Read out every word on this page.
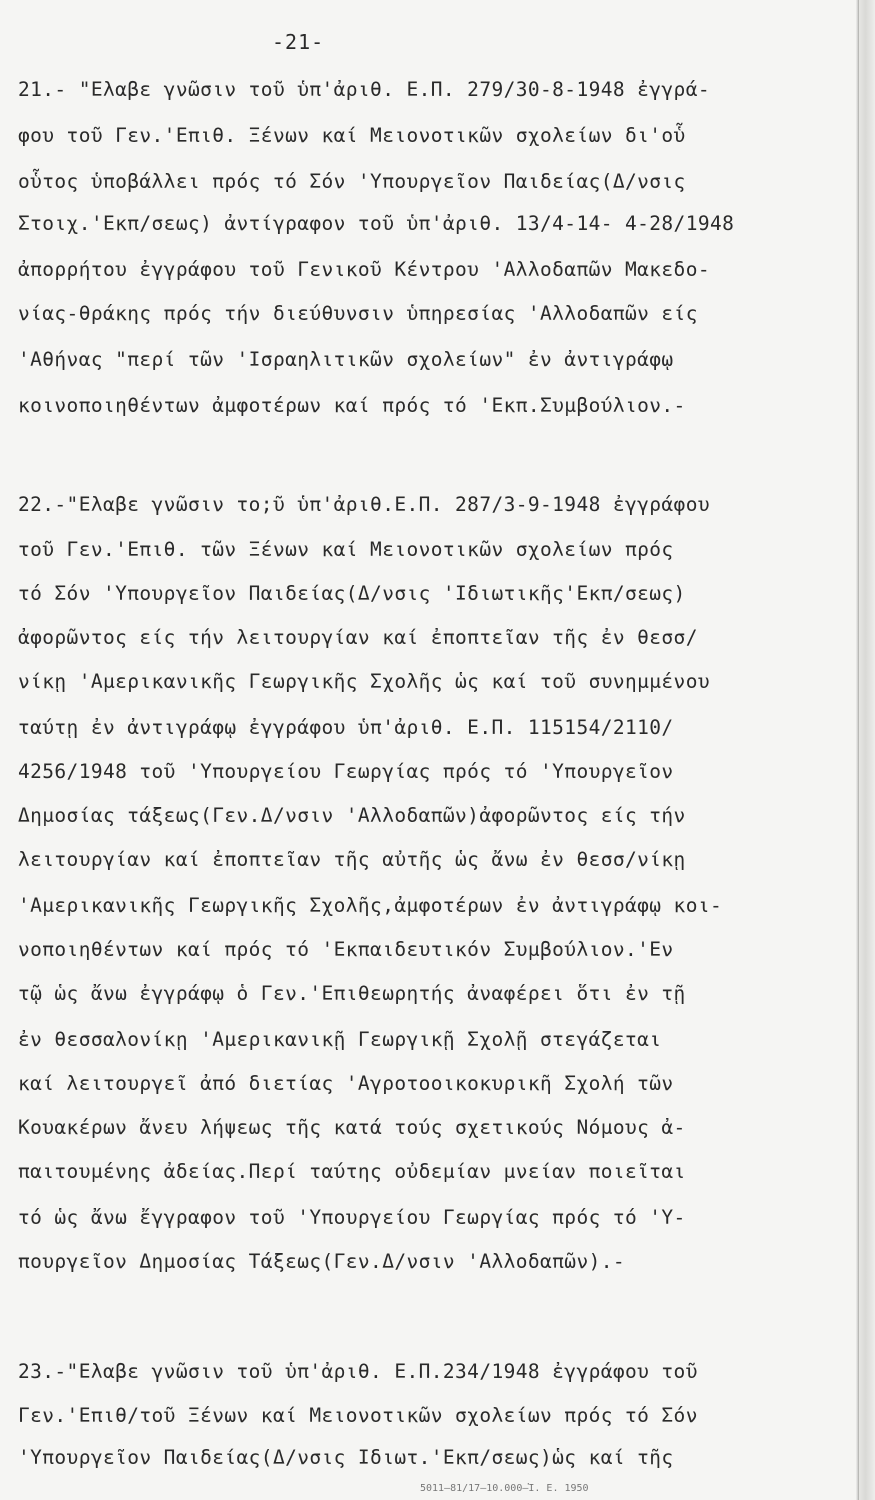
-21-
21.- "Ελαβε γνῶσιν τοῦ ὑπ'ἀριθ. Ε.Π. 279/30-8-1948 ἐγγρά-
φου τοῦ Γεν.'Επιθ. Ξένων καί Μειονοτικῶν σχολείων δι'οὗ
οὗτος ὑποβάλλει πρός τό Σόν 'Υπουργεῖον Παιδείας(Δ/νσις
Στοιχ.'Εκπ/σεως) ἀντίγραφον τοῦ ὑπ'ἀριθ. 13/4-14- 4-28/1948
ἀπορρήτου ἐγγράφου τοῦ Γενικοῦ Κέντρου 'Αλλοδαπῶν Μακεδο-
νίας-θράκης πρός τήν διεύθυνσιν ὑπηρεσίας 'Αλλοδαπῶν είς
'Αθήνας "περί τῶν 'Ισραηλιτικῶν σχολείων" ἐν ἀντιγράφῳ
κοινοποιηθέντων ἀμφοτέρων καί πρός τό 'Εκπ.Συμβούλιον.-
22.-"Ελαβε γνῶσιν το;ῦ ὑπ'ἀριθ.Ε.Π. 287/3-9-1948 ἐγγράφου
τοῦ Γεν.'Επιθ. τῶν Ξένων καί Μειονοτικῶν σχολείων πρός
τό Σόν 'Υπουργεῖον Παιδείας(Δ/νσις 'Ιδιωτικῆς'Εκπ/σεως)
ἀφορῶντος είς τήν λειτουργίαν καί ἐποπτεῖαν τῆς ἐν θεσσ/
νίκῃ 'Αμερικανικῆς Γεωργικῆς Σχολῆς ὡς καί τοῦ συνημμένου
ταύτῃ ἐν ἀντιγράφῳ ἐγγράφου ὑπ'ἀριθ. Ε.Π. 115154/2110/
4256/1948 τοῦ 'Υπουργείου Γεωργίας πρός τό 'Υπουργεῖον
Δημοσίας τάξεως(Γεν.Δ/νσιν 'Αλλοδαπῶν)ἀφορῶντος είς τήν
λειτουργίαν καί ἐποπτεῖαν τῆς αὐτῆς ὡς ἄνω ἐν θεσσ/νίκῃ
'Αμερικανικῆς Γεωργικῆς Σχολῆς,ἀμφοτέρων ἐν ἀντιγράφῳ κοι-
νοποιηθέντων καί πρός τό 'Εκπαιδευτικόν Συμβούλιον.'Εν
τῷ ὡς ἄνω ἐγγράφῳ ὁ Γεν.'Επιθεωρητής ἀναφέρει ὅτι ἐν τῇ
ἐν θεσσαλονίκῃ 'Αμερικανικῇ Γεωργικῇ Σχολῇ στεγάζεται
καί λειτουργεῖ ἀπό διετίας 'Αγροτοοικοκυρικῆ Σχολή τῶν
Κουακέρων ἄνευ λήψεως τῆς κατά τούς σχετικούς Νόμους ἀ-
παιτουμένης ἀδείας.Περί ταύτης οὐδεμίαν μνείαν ποιεῖται
τό ὡς ἄνω ἔγγραφον τοῦ 'Υπουργείου Γεωργίας πρός τό 'Υ-
πουργεῖον Δημοσίας Τάξεως(Γεν.Δ/νσιν 'Αλλοδαπῶν).-
23.-"Ελαβε γνῶσιν τοῦ ὑπ'ἀριθ. Ε.Π.234/1948 ἐγγράφου τοῦ
Γεν.'Επιθ/τοῦ Ξένων καί Μειονοτικῶν σχολείων πρός τό Σόν
'Υπουργεῖον Παιδείας(Δ/νσις Ιδιωτ.'Εκπ/σεως)ὡς καί τῆς
5011—81/17—10.000—Ἰ. Ε. 1950
